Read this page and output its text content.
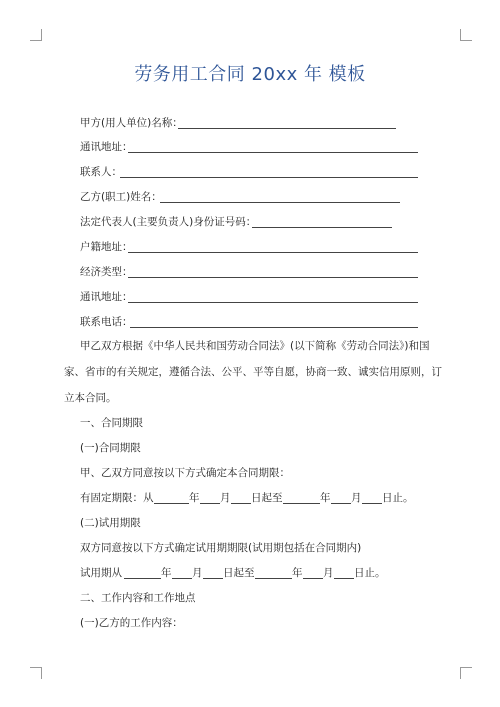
劳务用工合同 20xx 年 模板
甲方(用人单位)名称：
通讯地址：
联系人：
乙方(职工)姓名：
法定代表人(主要负责人)身份证号码：
户籍地址：
经济类型：
通讯地址：
联系电话：
甲乙双方根据《中华人民共和国劳动合同法》(以下简称《劳动合同法》)和国家、省市的有关规定，遵循合法、公平、平等自愿，协商一致、诚实信用原则，订立本合同。
一、合同期限
(一)合同期限
甲、乙双方同意按以下方式确定本合同期限：
有固定期限：从	年 月 日起至	年 月 日止。
(二)试用期限
双方同意按以下方式确定试用期期限(试用期包括在合同期内)
试用期从	年 月 日起至	年 月 日止。
二、工作内容和工作地点
(一)乙方的工作内容：
